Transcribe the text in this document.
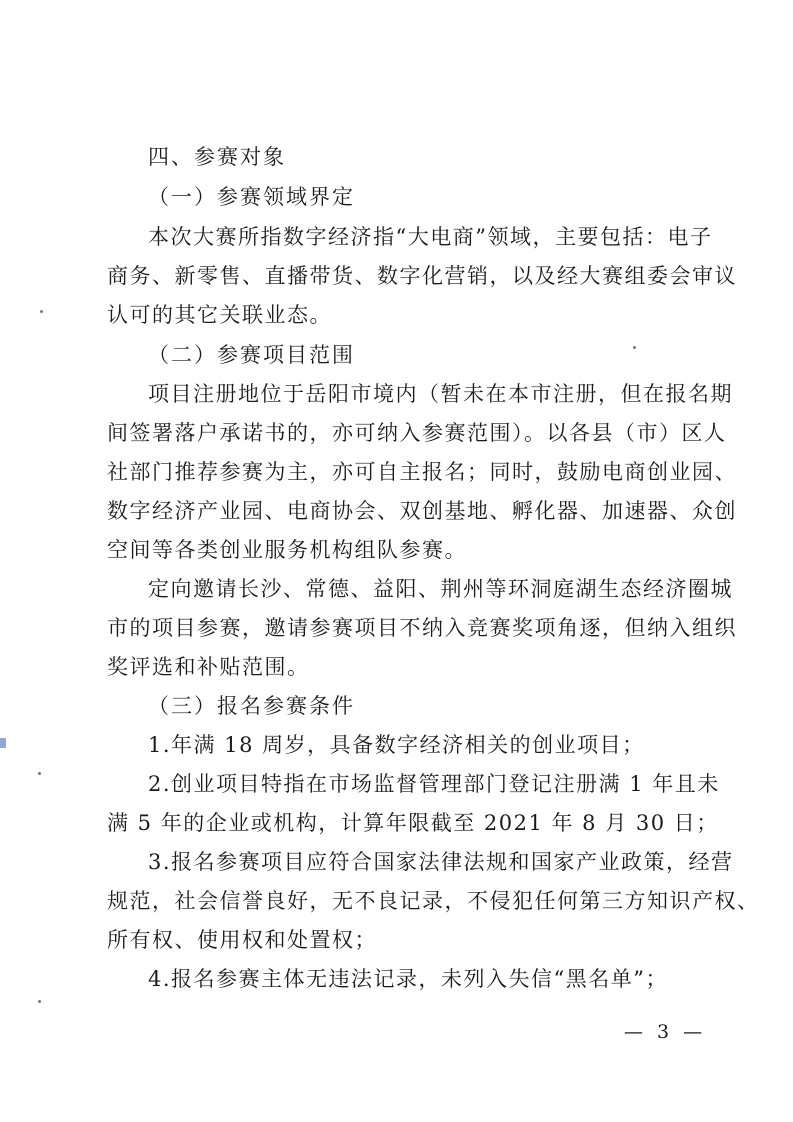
四、参赛对象
（一）参赛领域界定
本次大赛所指数字经济指“大电商”领域，主要包括：电子
商务、新零售、直播带货、数字化营销，以及经大赛组委会审议
认可的其它关联业态。
（二）参赛项目范围
项目注册地位于岳阳市境内（暂未在本市注册，但在报名期
间签署落户承诺书的，亦可纳入参赛范围）。以各县（市）区人
社部门推荐参赛为主，亦可自主报名；同时，鼓励电商创业园、
数字经济产业园、电商协会、双创基地、孵化器、加速器、众创
空间等各类创业服务机构组队参赛。
定向邀请长沙、常德、益阳、荆州等环洞庭湖生态经济圈城
市的项目参赛，邀请参赛项目不纳入竞赛奖项角逐，但纳入组织
奖评选和补贴范围。
（三）报名参赛条件
1.年满 18 周岁，具备数字经济相关的创业项目；
2.创业项目特指在市场监督管理部门登记注册满 1 年且未
满 5 年的企业或机构，计算年限截至 2021 年 8 月 30 日；
3.报名参赛项目应符合国家法律法规和国家产业政策，经营
规范，社会信誉良好，无不良记录，不侵犯任何第三方知识产权、
所有权、使用权和处置权；
4.报名参赛主体无违法记录，未列入失信“黑名单”；
— 3 —
